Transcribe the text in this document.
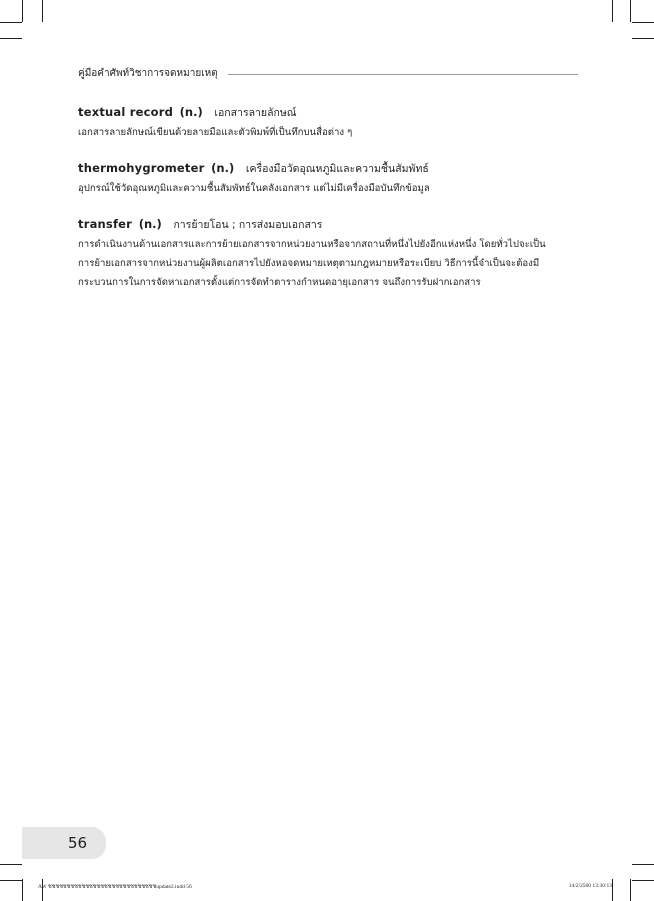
คู่มือคำศัพท์วิชาการจดหมายเหตุ
textual record (n.) เอกสารลายลักษณ์

เอกสารลายลักษณ์เขียนด้วยลายมือและตัวพิมพ์ที่เป็นทึกบนสื่อต่าง ๆ

thermohygrometer (n.) เครื่องมือวัดอุณหภูมิและความชื้นสัมพัทธ์

อุปกรณ์ใช้วัดอุณหภูมิและความชื้นสัมพัทธ์ในคลังเอกสาร แต่ไม่มีเครื่องมือบันทึกข้อมูล

transfer (n.) การย้ายโอน ; การส่งมอบเอกสาร

การดำเนินงานด้านเอกสารและการย้ายเอกสารจากหน่วยงานหรือจากสถานที่หนึ่งไปยังอีกแห่งหนึ่ง โดยทั่วไปจะเป็น
การย้ายเอกสารจากหน่วยงานผู้ผลิตเอกสารไปยังหอจดหมายเหตุตามกฎหมายหรือระเบียบ วิธีการนี้จำเป็นจะต้องมี
กระบวนการในการจัดหาเอกสารตั้งแต่การจัดทำตารางกำหนดอายุเอกสาร จนถึงการรับฝากเอกสาร

56
AW ชชชชชชชชชชชชชชชชชชชชชชชชชชชชชupdate2.indd 56	14/2/2560 13:30:13
